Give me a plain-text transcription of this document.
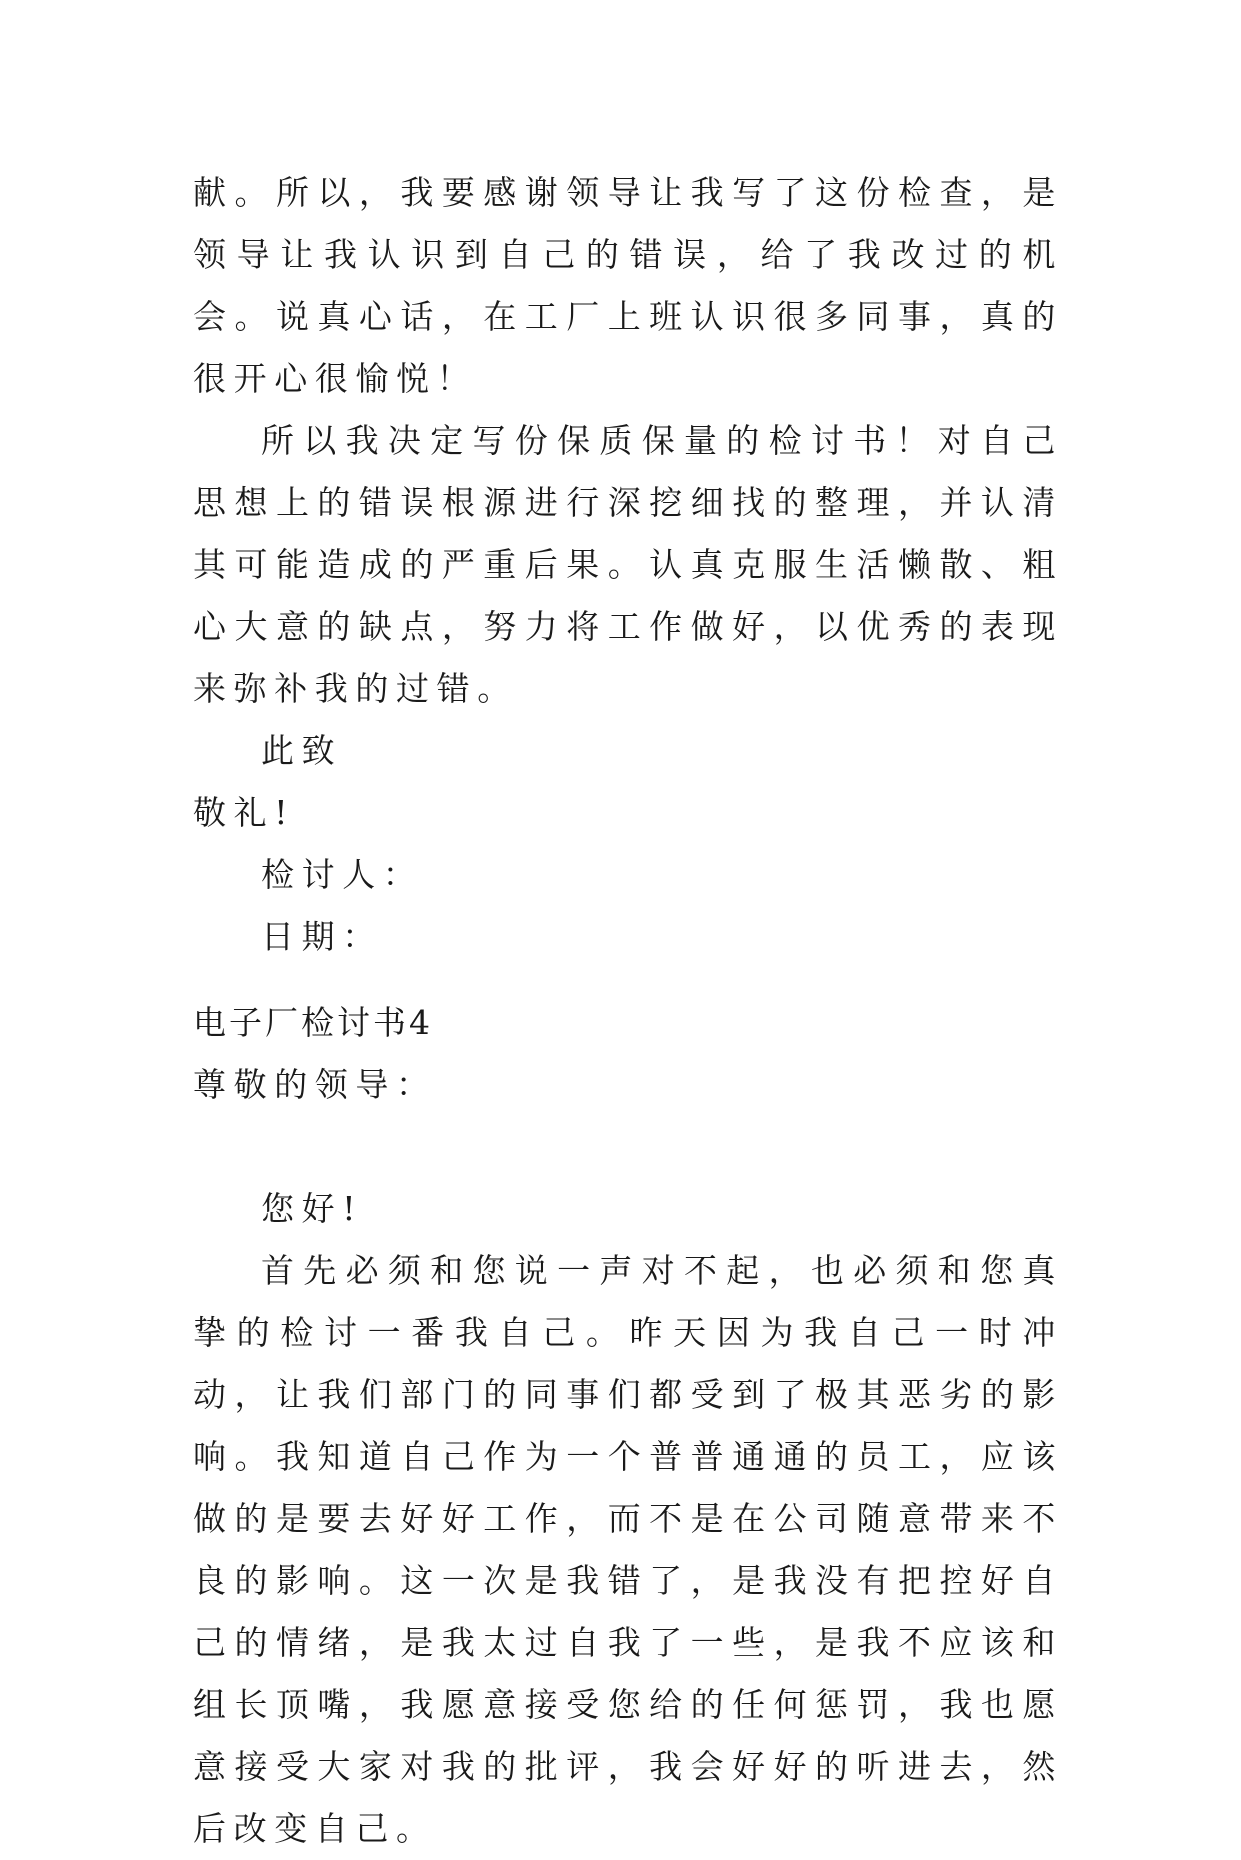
献。所以，我要感谢领导让我写了这份检查，是领导让我认识到自己的错误，给了我改过的机会。说真心话，在工厂上班认识很多同事，真的很开心很愉悦！

所以我决定写份保质保量的检讨书！对自己思想上的错误根源进行深挖细找的整理，并认清其可能造成的严重后果。认真克服生活懒散、粗心大意的缺点，努力将工作做好，以优秀的表现来弥补我的过错。

此致

敬礼!

检讨人：

日期：

电子厂检讨书4

尊敬的领导：

您好!

首先必须和您说一声对不起，也必须和您真挚的检讨一番我自己。昨天因为我自己一时冲动，让我们部门的同事们都受到了极其恶劣的影响。我知道自己作为一个普普通通的员工，应该做的是要去好好工作，而不是在公司随意带来不良的影响。这一次是我错了，是我没有把控好自己的情绪，是我太过自我了一些，是我不应该和组长顶嘴，我愿意接受您给的任何惩罚，我也愿意接受大家对我的批评，我会好好的听进去，然后改变自己。
